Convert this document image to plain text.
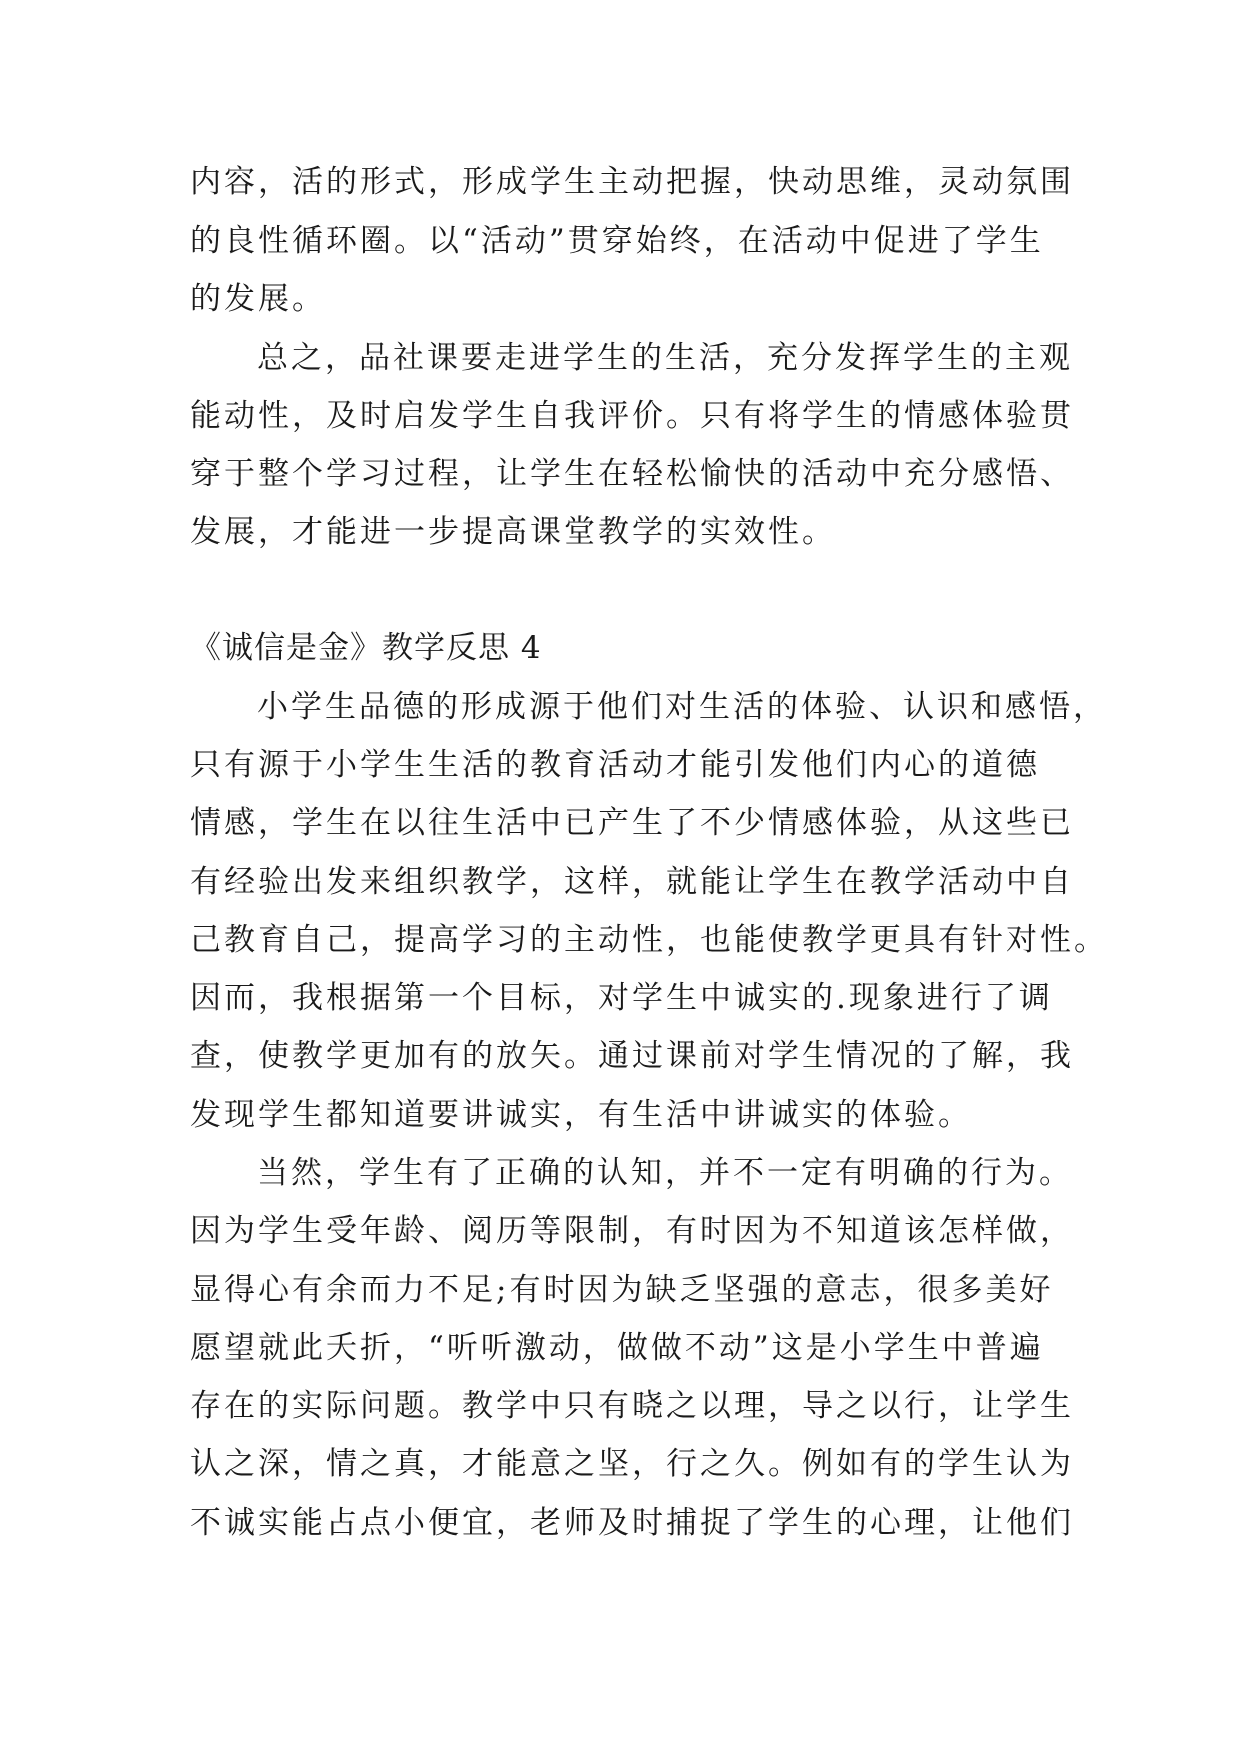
内容，活的形式，形成学生主动把握，快动思维，灵动氛围
的良性循环圈。以“活动”贯穿始终，在活动中促进了学生
的发展。
总之，品社课要走进学生的生活，充分发挥学生的主观
能动性，及时启发学生自我评价。只有将学生的情感体验贯
穿于整个学习过程，让学生在轻松愉快的活动中充分感悟、
发展，才能进一步提高课堂教学的实效性。
《诚信是金》教学反思 4
小学生品德的形成源于他们对生活的体验、认识和感悟，
只有源于小学生生活的教育活动才能引发他们内心的道德
情感，学生在以往生活中已产生了不少情感体验，从这些已
有经验出发来组织教学，这样，就能让学生在教学活动中自
己教育自己，提高学习的主动性，也能使教学更具有针对性。
因而，我根据第一个目标，对学生中诚实的.现象进行了调
查，使教学更加有的放矢。通过课前对学生情况的了解，我
发现学生都知道要讲诚实，有生活中讲诚实的体验。
当然，学生有了正确的认知，并不一定有明确的行为。
因为学生受年龄、阅历等限制，有时因为不知道该怎样做，
显得心有余而力不足;有时因为缺乏坚强的意志，很多美好
愿望就此夭折，“听听激动，做做不动”这是小学生中普遍
存在的实际问题。教学中只有晓之以理，导之以行，让学生
认之深，情之真，才能意之坚，行之久。例如有的学生认为
不诚实能占点小便宜，老师及时捕捉了学生的心理，让他们
